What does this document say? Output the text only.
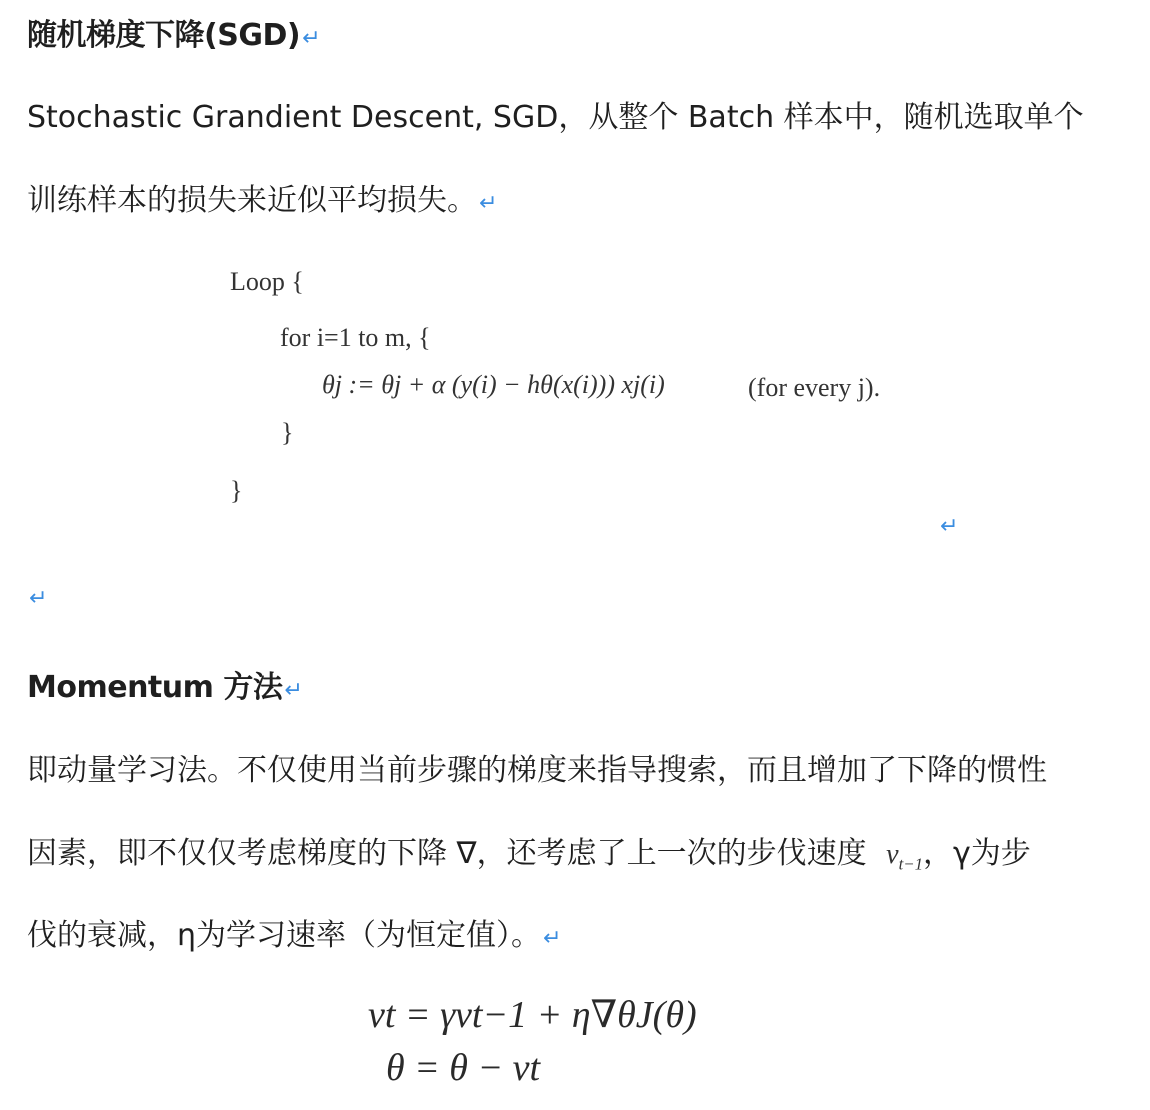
随机梯度下降(SGD)↵
Stochastic Grandient Descent, SGD，从整个 Batch 样本中，随机选取单个
训练样本的损失来近似平均损失。↵
Loop {
for i=1 to m, {
θj := θj + α (y(i) − hθ(x(i))) xj(i)	(for every j).
}
}
↵
↵
Momentum 方法↵
即动量学习法。不仅使用当前步骤的梯度来指导搜索，而且增加了下降的惯性
因素，即不仅仅考虑梯度的下降 ∇，还考虑了上一次的步伐速度 $v_{t-1}$，γ为步
伐的衰减，η为学习速率（为恒定值）。↵
vt = γvt−1 + η∇θJ(θ)
θ = θ − vt
